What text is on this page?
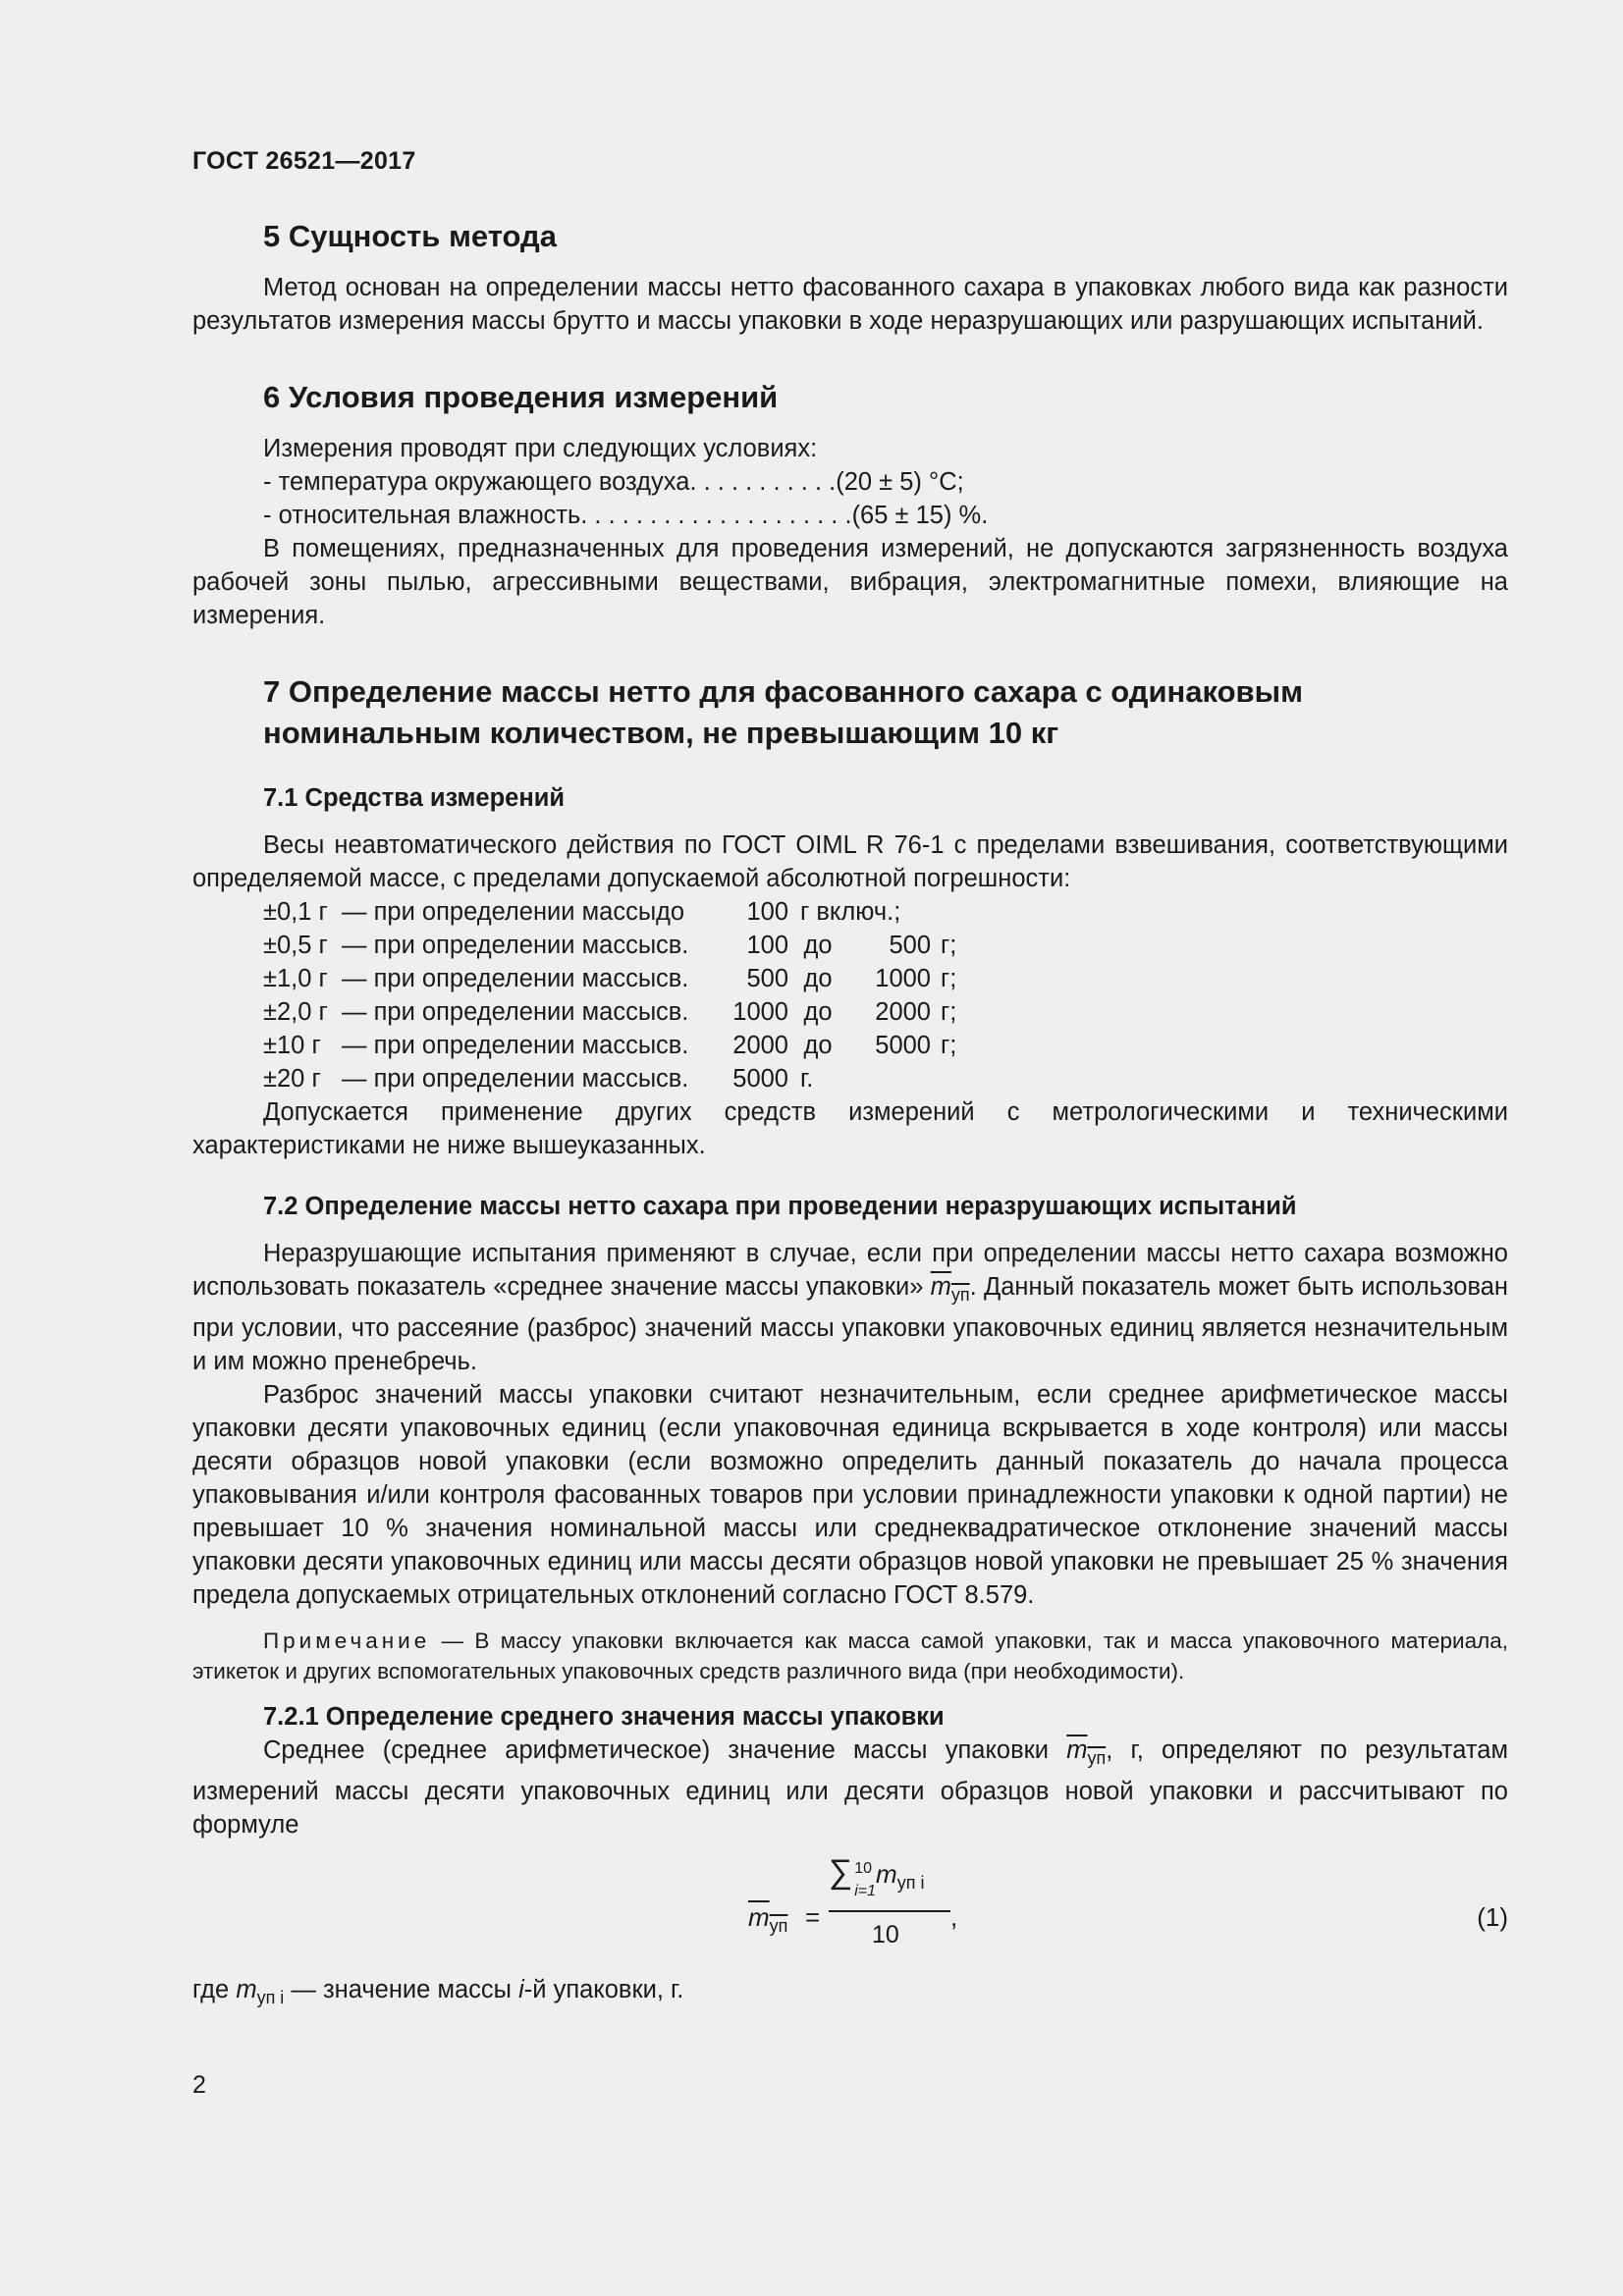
ГОСТ 26521—2017
5 Сущность метода

Метод основан на определении массы нетто фасованного сахара в упаковках любого вида как разности результатов измерения массы брутто и массы упаковки в ходе неразрушающих или разрушающих испытаний.

6 Условия проведения измерений

Измерения проводят при следующих условиях:

- температура окружающего воздуха . . . . . . . . . . . (20 ± 5) °С;
- относительная влажность . . . . . . . . . . . . . . . . . . . . (65 ± 15) %.

В помещениях, предназначенных для проведения измерений, не допускаются загрязненность воздуха рабочей зоны пылью, агрессивными веществами, вибрация, электромагнитные помехи, влияющие на измерения.

7 Определение массы нетто для фасованного сахара с одинаковым
номинальным количеством, не превышающим 10 кг
7.1 Средства измерений

Весы неавтоматического действия по ГОСТ OIML R 76-1 с пределами взвешивания, соответствующими определяемой массе, с пределами допускаемой абсолютной погрешности:

±0,1 г — при определении массы до	100 г включ.;
±0,5 г — при определении массы св.	100 до	500 г;
±1,0 г — при определении массы св.	500 до	1000 г;
±2,0 г — при определении массы св.	1000 до	2000 г;
±10 г — при определении массы св.	2000 до	5000 г;
±20 г — при определении массы св.	5000 г.

Допускается применение других средств измерений с метрологическими и техническими характеристиками не ниже вышеуказанных.

7.2 Определение массы нетто сахара при проведении неразрушающих испытаний

Неразрушающие испытания применяют в случае, если при определении массы нетто сахара возможно использовать показатель «среднее значение массы упаковки» $m_{уп}$. Данный показатель может быть использован при условии, что рассеяние (разброс) значений массы упаковки упаковочных единиц является незначительным и им можно пренебречь.

Разброс значений массы упаковки считают незначительным, если среднее арифметическое массы упаковки десяти упаковочных единиц (если упаковочная единица вскрывается в ходе контроля) или массы десяти образцов новой упаковки (если возможно определить данный показатель до начала процесса упаковывания и/или контроля фасованных товаров при условии принадлежности упаковки к одной партии) не превышает 10 % значения номинальной массы или среднеквадратическое отклонение значений массы упаковки десяти упаковочных единиц или массы десяти образцов новой упаковки не превышает 25 % значения предела допускаемых отрицательных отклонений согласно ГОСТ 8.579.

Примечание — В массу упаковки включается как масса самой упаковки, так и масса упаковочного материала, этикеток и других вспомогательных упаковочных средств различного вида (при необходимости).

7.2.1 Определение среднего значения массы упаковки

Среднее (среднее арифметическое) значение массы упаковки $m_{уп}$, г, определяют по результатам измерений массы десяти упаковочных единиц или десяти образцов новой упаковки и рассчитывают по формуле

$m_{уп}$ =
∑ 10
$i=1m_{уп i}$
10
,	(1)

где $m_{уп i}$ — значение массы i-й упаковки, г.

2
